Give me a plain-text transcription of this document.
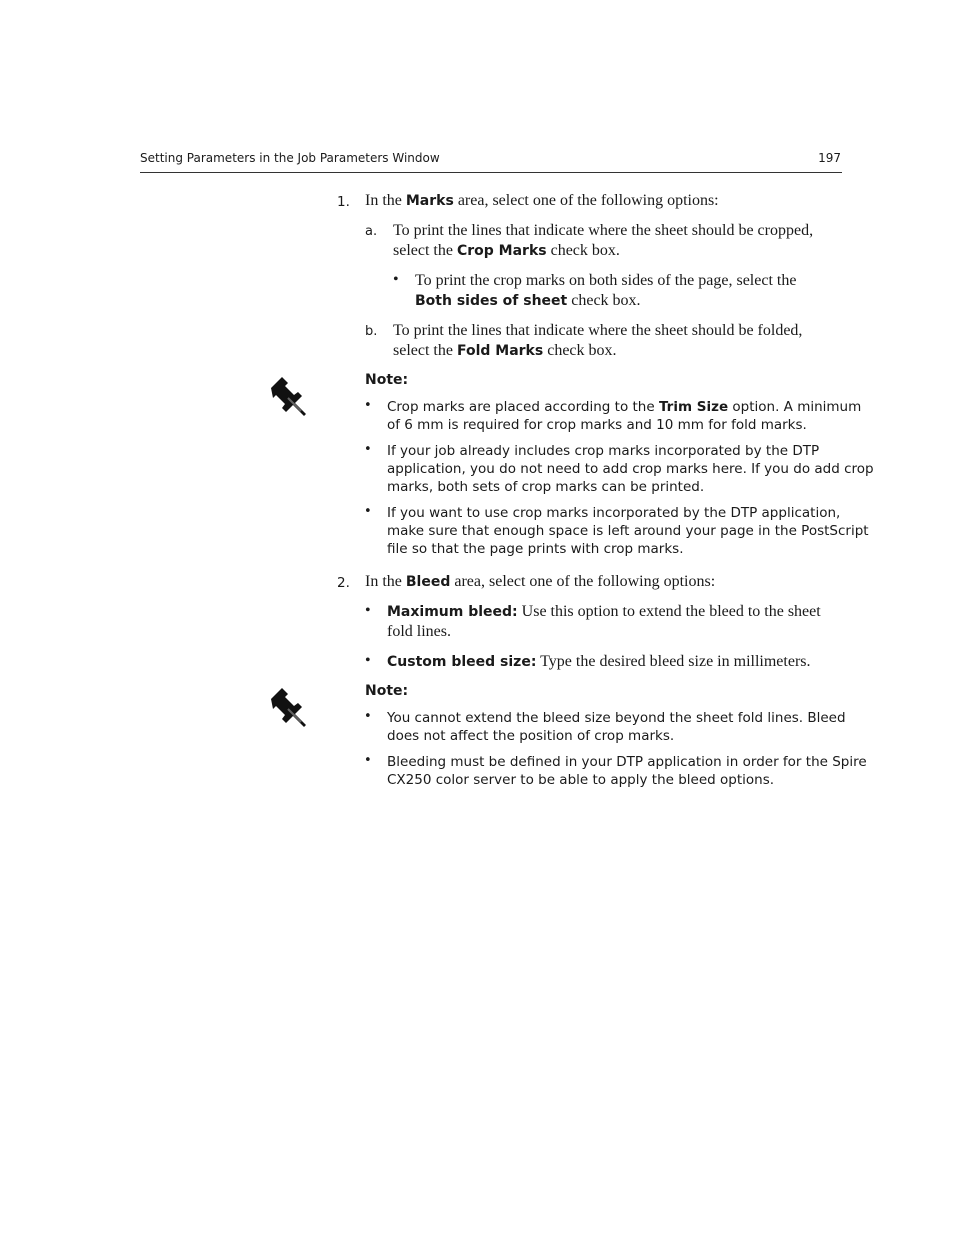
Setting Parameters in the Job Parameters Window	197
1. In the Marks area, select one of the following options:
a. To print the lines that indicate where the sheet should be cropped,
select the Crop Marks check box.
• To print the crop marks on both sides of the page, select the
Both sides of sheet check box.
b. To print the lines that indicate where the sheet should be folded,
select the Fold Marks check box.
Note:
• Crop marks are placed according to the Trim Size option. A minimum
of 6 mm is required for crop marks and 10 mm for fold marks.
• If your job already includes crop marks incorporated by the DTP
application, you do not need to add crop marks here. If you do add crop
marks, both sets of crop marks can be printed.
• If you want to use crop marks incorporated by the DTP application,
make sure that enough space is left around your page in the PostScript
file so that the page prints with crop marks.
2. In the Bleed area, select one of the following options:
• Maximum bleed: Use this option to extend the bleed to the sheet
fold lines.
• Custom bleed size: Type the desired bleed size in millimeters.
Note:
• You cannot extend the bleed size beyond the sheet fold lines. Bleed
does not affect the position of crop marks.
• Bleeding must be defined in your DTP application in order for the Spire
CX250 color server to be able to apply the bleed options.
